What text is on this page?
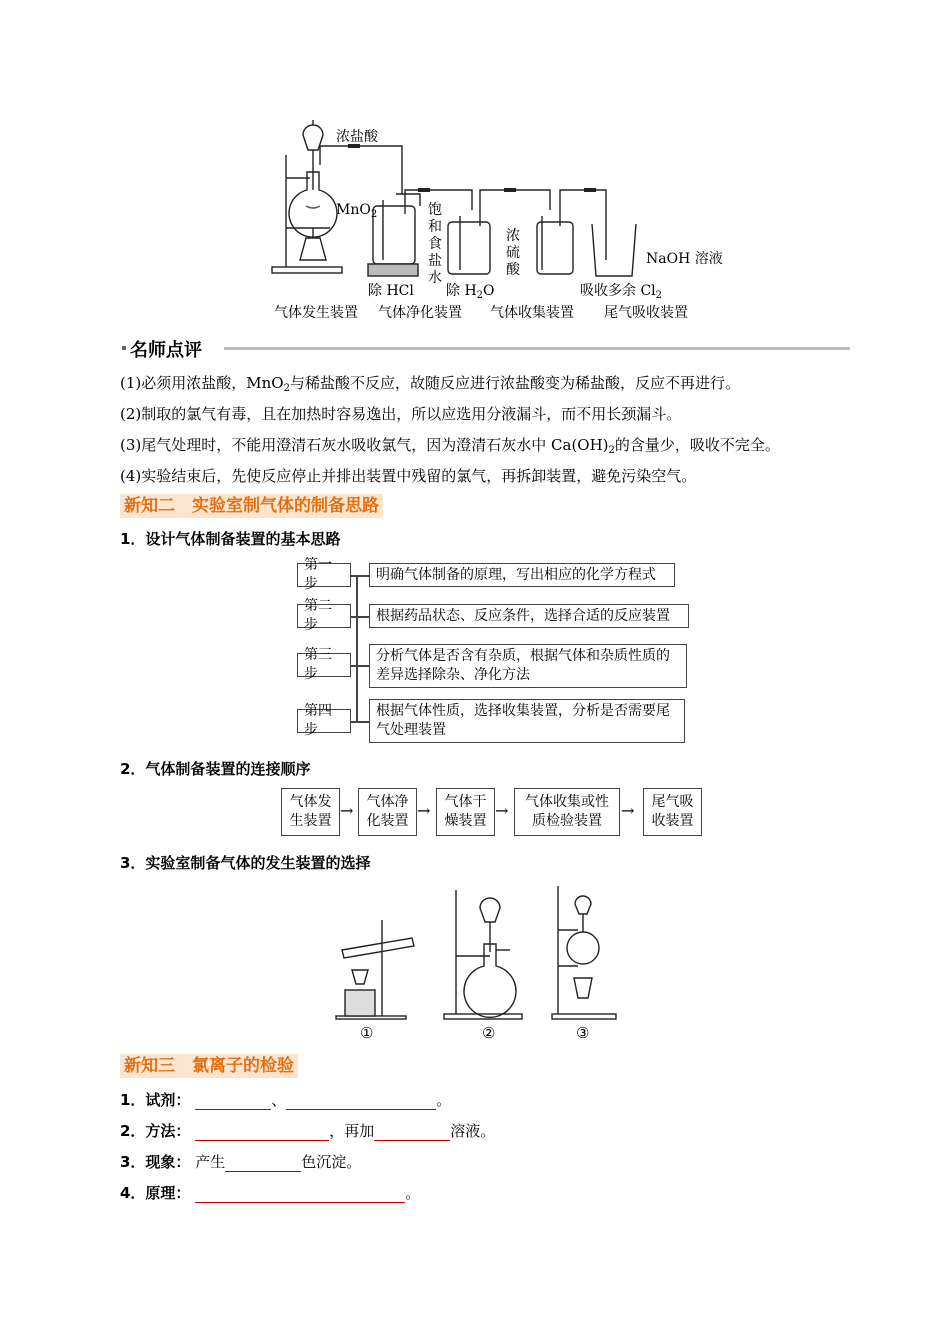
浓盐酸
MnO$_2$	饱
和
食
盐
水
浓
硫
酸
NaOH 溶液
除 HCl 除 $H_2O$	吸收多余 $Cl_2$
气体发生装置 气体净化装置 气体收集装置 尾气吸收装置
名师点评
(1)必须用浓盐酸，MnO$_2$与稀盐酸不反应，故随反应进行浓盐酸变为稀盐酸，反应不再进行。
(2)制取的氯气有毒，且在加热时容易逸出，所以应选用分液漏斗，而不用长颈漏斗。
(3)尾气处理时，不能用澄清石灰水吸收氯气，因为澄清石灰水中 $Ca(OH)_2$的含量少，吸收不完全。
(4)实验结束后，先使反应停止并排出装置中残留的氯气，再拆卸装置，避免污染空气。
新知二　实验室制气体的制备思路
1．设计气体制备装置的基本思路
第一步
明确气体制备的原理，写出相应的化学方程式
第二步
根据药品状态、反应条件，选择合适的反应装置
第三步
分析气体是否含有杂质，根据气体和杂质性质的差异选择除杂、净化方法
第四步
根据气体性质，选择收集装置，分析是否需要尾气处理装置
2．气体制备装置的连接顺序
气体发生装置
→ 气体净化装置
→	气体干燥装置
→	气体收集或性质检验装置
→	尾气吸收装置
3．实验室制备气体的发生装置的选择
①	②	③
新知三　氯离子的检验
1．试剂：	、	。
2．方法：	，再加	溶液。
3．现象： 产生	色沉淀。
4．原理：	。
